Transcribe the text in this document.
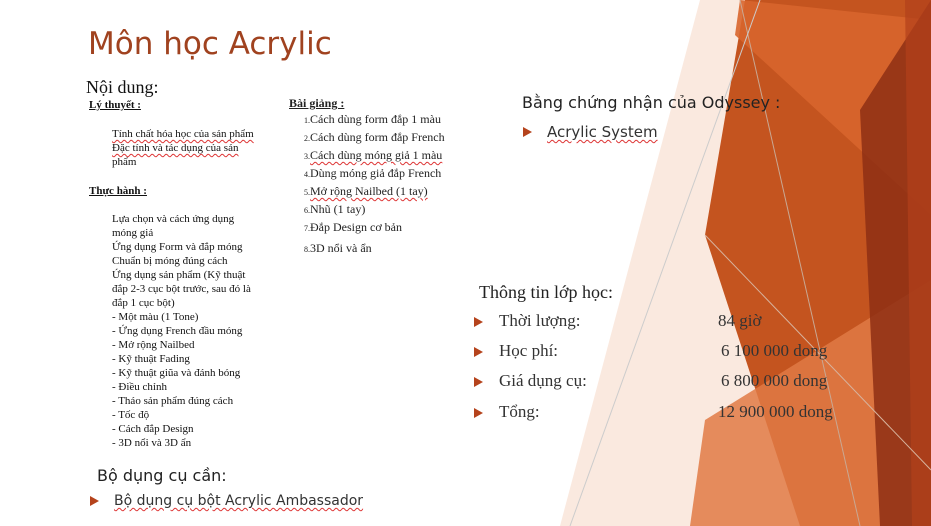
Môn học Acrylic
Nội dung:
Lý thuyết :
Tính chất hóa học của sản phẩm
Đặc tính và tác dụng của sản
phẩm
Thực hành :
Lựa chọn và cách ứng dụng
móng giả
Ứng dụng Form và đắp móng
Chuẩn bị móng đúng cách
Ứng dụng sản phẩm (Kỹ thuật
đắp 2-3 cục bột trước, sau đó là
đắp 1 cục bột)
- Một màu (1 Tone)
- Ứng dụng French đầu móng
- Mở rộng Nailbed
- Kỹ thuật Fading
- Kỹ thuật giũa và đánh bóng
- Điều chỉnh
- Tháo sản phẩm đúng cách
- Tốc độ
- Cách đắp Design
- 3D nổi và 3D ẩn
Bài giảng :
1.Cách dùng form đắp 1 màu
2.Cách dùng form đắp French
3.Cách dùng móng giả 1 màu
4.Dùng móng giả đắp French
5.Mở rộng Nailbed (1 tay)
6.Nhũ (1 tay)
7.Đắp Design cơ bản
8.3D nổi và ẩn
Bằng chứng nhận của Odyssey :
Acrylic System
Thông tin lớp học:
Thời lượng:	84 giờ
Học phí:	6 100 000 dong
Giá dụng cụ:	6 800 000 dong
Tổng:	12 900 000 dong
Bộ dụng cụ cần:
Bộ dụng cụ bột Acrylic Ambassador
